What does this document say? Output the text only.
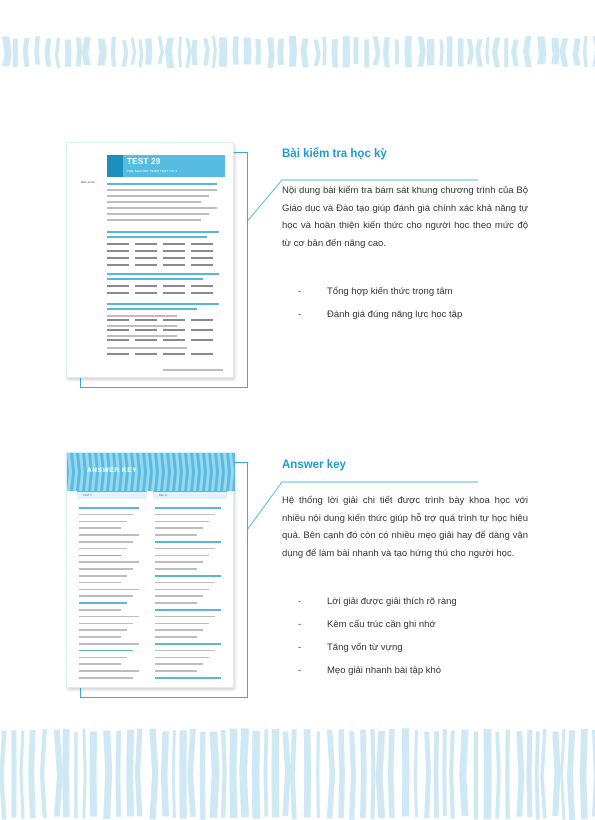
TEST 29
THE SECOND TERM TEST NO.3
Điểm thi bài
ANSWER KEY
TEST 1	Đáp án
Bài kiểm tra học kỳ
Nội dung bài kiểm tra bám sát khung chương trình của Bộ Giáo dục và Đào tạo giúp đánh giá chính xác khả năng tự học và hoàn thiện kiến thức cho người học theo mức độ từ cơ bản đến nâng cao.
-	Tổng hợp kiến thức trọng tâm
-	Đánh giá đúng năng lực học tập
Answer key
Hệ thống lời giải chi tiết được trình bày khoa học với nhiều nội dung kiến thức giúp hỗ trợ quá trình tự học hiệu quả. Bên cạnh đó còn có nhiều mẹo giải hay để dàng vận dụng để làm bài nhanh và tạo hứng thú cho người học.
-	Lời giải được giải thích rõ ràng
-	Kèm cấu trúc cần ghi nhớ
-	Tăng vốn từ vựng
-	Mẹo giải nhanh bài tập khó
